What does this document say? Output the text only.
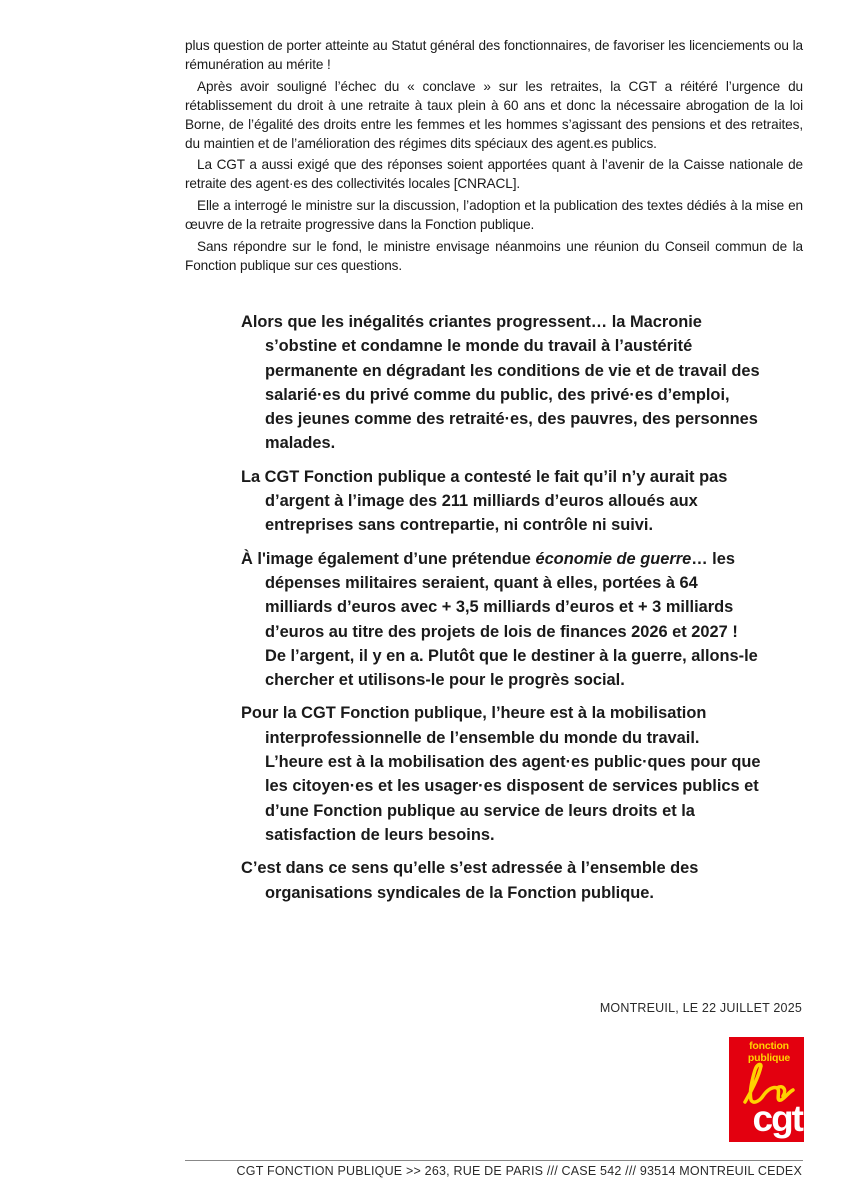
plus question de porter atteinte au Statut général des fonctionnaires, de favoriser les licenciements ou la rémunération au mérite !

Après avoir souligné l’échec du « conclave » sur les retraites, la CGT a réitéré l’urgence du rétablissement du droit à une retraite à taux plein à 60 ans et donc la nécessaire abrogation de la loi Borne, de l’égalité des droits entre les femmes et les hommes s’agissant des pensions et des retraites, du maintien et de l’amélioration des régimes dits spéciaux des agent.es publics.

La CGT a aussi exigé que des réponses soient apportées quant à l’avenir de la Caisse nationale de retraite des agent·es des collectivités locales [CNRACL].

Elle a interrogé le ministre sur la discussion, l’adoption et la publication des textes dédiés à la mise en œuvre de la retraite progressive dans la Fonction publique.

Sans répondre sur le fond, le ministre envisage néanmoins une réunion du Conseil commun de la Fonction publique sur ces questions.

Alors que les inégalités criantes progressent… la Macronie s’obstine et condamne le monde du travail à l’austérité permanente en dégradant les conditions de vie et de travail des salarié·es du privé comme du public, des privé·es d’emploi, des jeunes comme des retraité·es, des pauvres, des personnes malades.

La CGT Fonction publique a contesté le fait qu’il n’y aurait pas d’argent à l’image des 211 milliards d’euros alloués aux entreprises sans contrepartie, ni contrôle ni suivi.

À l'image également d’une prétendue économie de guerre… les dépenses militaires seraient, quant à elles, portées à 64 milliards d’euros avec + 3,5 milliards d’euros et + 3 milliards d’euros au titre des projets de lois de finances 2026 et 2027 ! De l’argent, il y en a. Plutôt que le destiner à la guerre, allons-le chercher et utilisons-le pour le progrès social.

Pour la CGT Fonction publique, l’heure est à la mobilisation interprofessionnelle de l’ensemble du monde du travail. L’heure est à la mobilisation des agent·es public·ques pour que les citoyen·es et les usager·es disposent de services publics et d’une Fonction publique au service de leurs droits et la satisfaction de leurs besoins.

C’est dans ce sens qu’elle s’est adressée à l’ensemble des organisations syndicales de la Fonction publique.

MONTREUIL, LE 22 JUILLET 2025
fonction
publique
cgt
CGT FONCTION PUBLIQUE >> 263, RUE DE PARIS /// CASE 542 /// 93514 MONTREUIL CEDEX
